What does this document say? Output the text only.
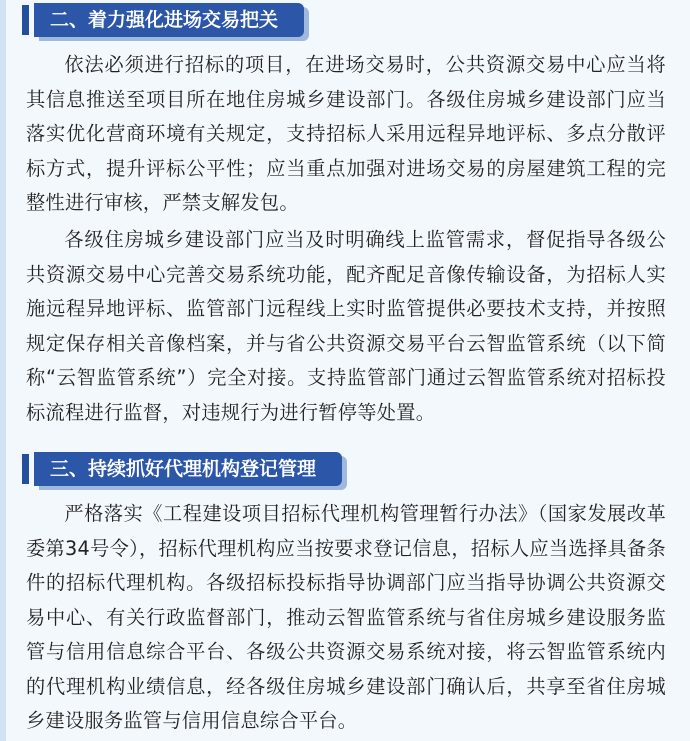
二、着力强化进场交易把关

依法必须进行招标的项目，在进场交易时，公共资源交易中心应当将其信息推送至项目所在地住房城乡建设部门。各级住房城乡建设部门应当落实优化营商环境有关规定，支持招标人采用远程异地评标、多点分散评标方式，提升评标公平性；应当重点加强对进场交易的房屋建筑工程的完整性进行审核，严禁支解发包。

各级住房城乡建设部门应当及时明确线上监管需求，督促指导各级公共资源交易中心完善交易系统功能，配齐配足音像传输设备，为招标人实施远程异地评标、监管部门远程线上实时监管提供必要技术支持，并按照规定保存相关音像档案，并与省公共资源交易平台云智监管系统（以下简称“云智监管系统”）完全对接。支持监管部门通过云智监管系统对招标投标流程进行监督，对违规行为进行暂停等处置。

三、持续抓好代理机构登记管理

严格落实《工程建设项目招标代理机构管理暂行办法》（国家发展改革委第34号令），招标代理机构应当按要求登记信息，招标人应当选择具备条件的招标代理机构。各级招标投标指导协调部门应当指导协调公共资源交易中心、有关行政监督部门，推动云智监管系统与省住房城乡建设服务监管与信用信息综合平台、各级公共资源交易系统对接，将云智监管系统内的代理机构业绩信息，经各级住房城乡建设部门确认后，共享至省住房城乡建设服务监管与信用信息综合平台。
